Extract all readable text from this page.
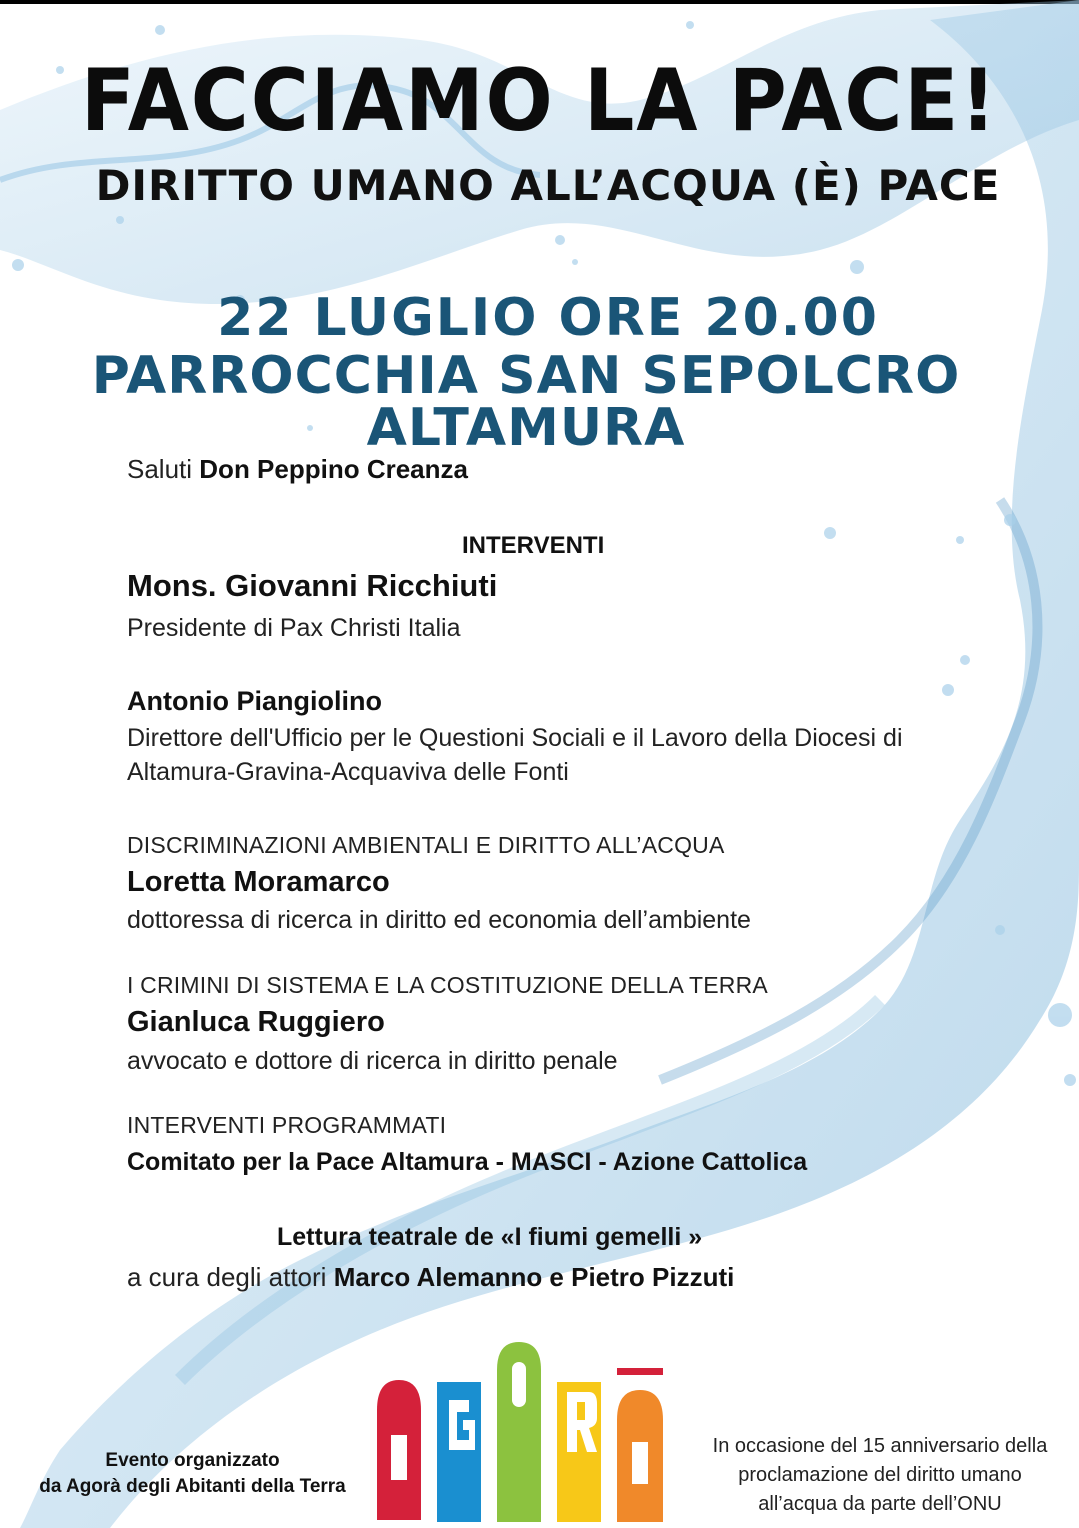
FACCIAMO LA PACE!
DIRITTO UMANO ALL’ACQUA (È) PACE
22 LUGLIO ORE 20.00
PARROCCHIA SAN SEPOLCRO ALTAMURA
Saluti Don Peppino Creanza
INTERVENTI
Mons. Giovanni Ricchiuti
Presidente di Pax Christi Italia
Antonio Piangiolino
Direttore dell'Ufficio per le Questioni Sociali e il Lavoro della Diocesi di
Altamura-Gravina-Acquaviva delle Fonti
DISCRIMINAZIONI AMBIENTALI E DIRITTO ALL’ACQUA
Loretta Moramarco
dottoressa di ricerca in diritto ed economia dell’ambiente
I CRIMINI DI SISTEMA E LA COSTITUZIONE DELLA TERRA
Gianluca Ruggiero
avvocato e dottore di ricerca in diritto penale
INTERVENTI PROGRAMMATI
Comitato per la Pace Altamura - MASCI - Azione Cattolica
Lettura teatrale de «I fiumi gemelli »
a cura degli attori Marco Alemanno e Pietro Pizzuti
Evento organizzato
da Agorà degli Abitanti della Terra
In occasione del 15 anniversario della
proclamazione del diritto umano
all’acqua da parte dell’ONU
